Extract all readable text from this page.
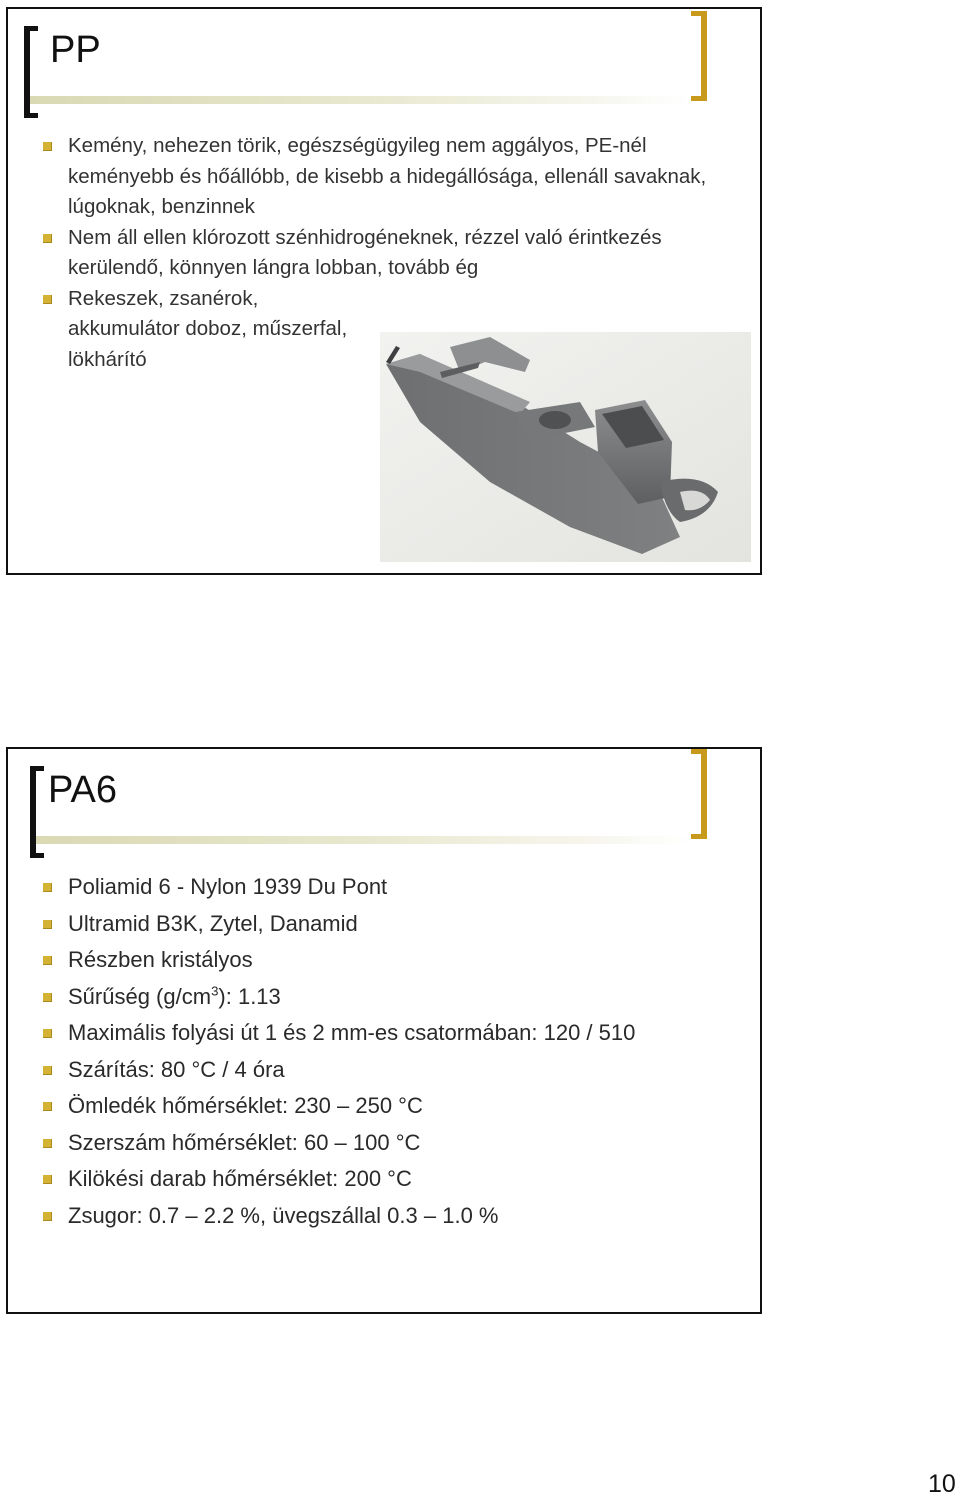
PP
Kemény, nehezen törik, egészségügyileg nem aggályos, PE-nél keményebb és hőállóbb, de kisebb a hidegállósága, ellenáll savaknak, lúgoknak, benzinnek
Nem áll ellen klórozott szénhidrogéneknek, rézzel való érintkezés kerülendő, könnyen lángra lobban, tovább ég
Rekeszek, zsanérok, akkumulátor doboz, műszerfal, lökhárító
PA6
Poliamid 6 - Nylon 1939 Du Pont
Ultramid B3K, Zytel, Danamid
Részben kristályos
Sűrűség $(g/cm^3)$: 1.13
Maximális folyási út 1 és 2 mm-es csatormában: 120 / 510
Szárítás: 80 °C / 4 óra
Ömledék hőmérséklet: 230 – 250 °C
Szerszám hőmérséklet: 60 – 100 °C
Kilökési darab hőmérséklet: 200 °C
Zsugor: 0.7 – 2.2 %, üvegszállal 0.3 – 1.0 %
10
